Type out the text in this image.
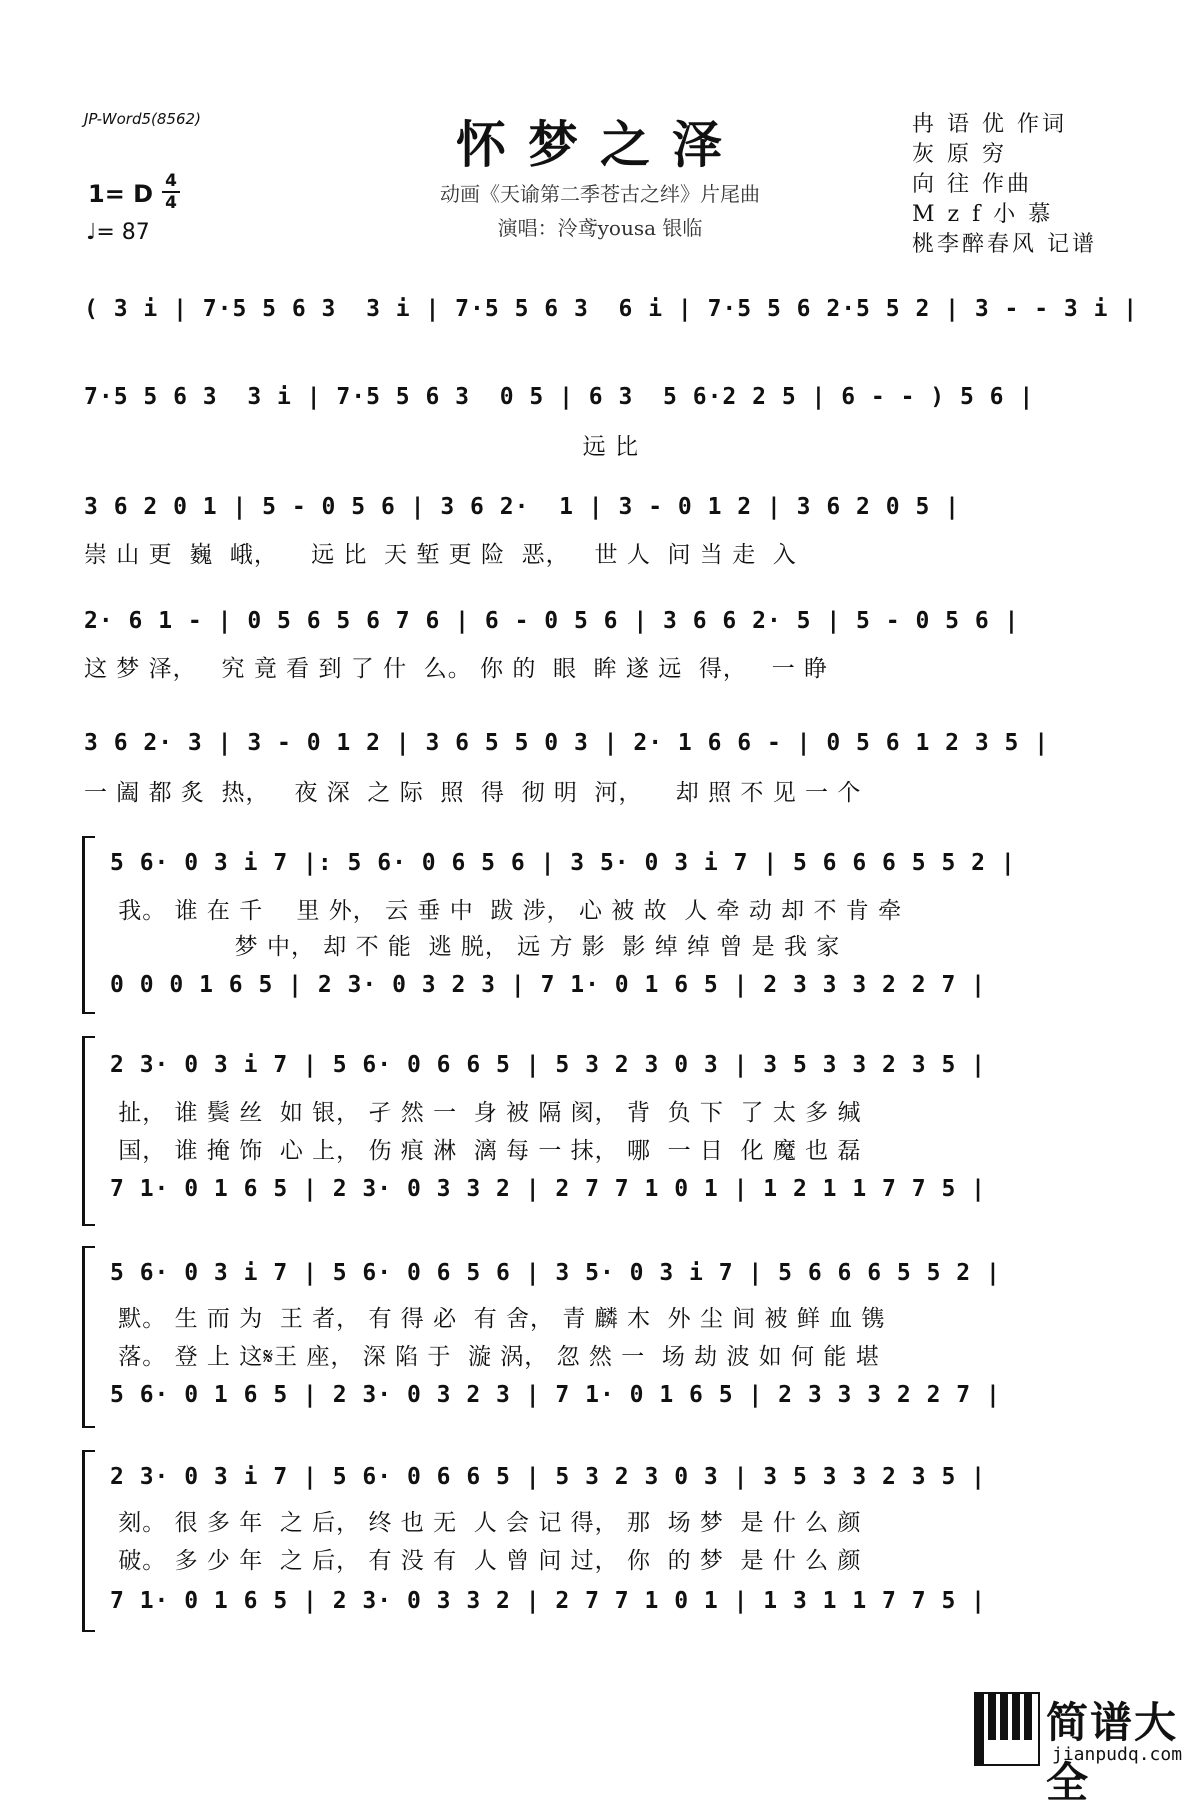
JP-Word5(8562)	怀梦之泽
动画《天谕第二季苍古之绊》片尾曲
演唱：泠鸢yousa 银临
1= D 4
4
♩= 87
冉 语 优 作词
灰 原 穷
向 往 作曲
M z f 小 慕
桃李醉春风 记谱
( 3 i | 7·5 5 6 3  3 i | 7·5 5 6 3  6 i | 7·5 5 6 2·5 5 2 | 3 - - 3 i |
7·5 5 6 3  3 i | 7·5 5 6 3  0 5 | 6 3  5 6·2 2 5 | 6 - - ) 5 6 |
远 比
3 6 2 0 1 | 5 - 0 5 6 | 3 6 2·  1 | 3 - 0 1 2 | 3 6 2 0 5 |
崇 山 更  巍  峨，    远 比  天 堑 更 险  恶，   世 人  问 当 走  入
2· 6 1 - | 0 5 6 5 6 7 6 | 6 - 0 5 6 | 3 6 6 2· 5 | 5 - 0 5 6 |
这 梦 泽，   究 竟 看 到 了 什  么。 你 的  眼  眸 遂 远  得，   一 睁
3 6 2· 3 | 3 - 0 1 2 | 3 6 5 5 0 3 | 2· 1 6 6 - | 0 5 6 1 2 3 5 |
一 阖 都 炙  热，   夜 深  之 际  照  得  彻 明  河，    却 照 不 见 一 个
5 6· 0 3 i 7 |: 5 6· 0 6 5 6 | 3 5· 0 3 i 7 | 5 6 6 6 5 5 2 |
我。 谁 在 千    里 外， 云 垂 中  跋 涉， 心 被 故  人 牵 动 却 不 肯 牵
梦 中， 却 不 能  逃 脱， 远 方 影  影 绰 绰 曾 是 我 家
0 0 0 1 6 5 | 2 3· 0 3 2 3 | 7 1· 0 1 6 5 | 2 3 3 3 2 2 7 |
2 3· 0 3 i 7 | 5 6· 0 6 6 5 | 5 3 2 3 0 3 | 3 5 3 3 2 3 5 |
扯， 谁 鬓 丝  如 银， 孑 然 一  身 被 隔 阂， 背  负 下  了 太 多 缄
国， 谁 掩 饰  心 上， 伤 痕 淋  漓 每 一 抹， 哪  一 日  化 魔 也 磊
7 1· 0 1 6 5 | 2 3· 0 3 3 2 | 2 7 7 1 0 1 | 1 2 1 1 7 7 5 |
5 6· 0 3 i 7 | 5 6· 0 6 5 6 | 3 5· 0 3 i 7 | 5 6 6 6 5 5 2 |
默。 生 而 为  王 者， 有 得 必  有 舍， 青 麟 木  外 尘 间 被 鲜 血 镌
落。 登 上 这𝄋王 座， 深 陷 于  漩 涡， 忽 然 一  场 劫 波 如 何 能 堪
5 6· 0 1 6 5 | 2 3· 0 3 2 3 | 7 1· 0 1 6 5 | 2 3 3 3 2 2 7 |
2 3· 0 3 i 7 | 5 6· 0 6 6 5 | 5 3 2 3 0 3 | 3 5 3 3 2 3 5 |
刻。 很 多 年  之 后， 终 也 无  人 会 记 得， 那  场 梦  是 什 么 颜
破。 多 少 年  之 后， 有 没 有  人 曾 问 过， 你  的 梦  是 什 么 颜
7 1· 0 1 6 5 | 2 3· 0 3 3 2 | 2 7 7 1 0 1 | 1 3 1 1 7 7 5 |
简谱大全
jianpudq.com
